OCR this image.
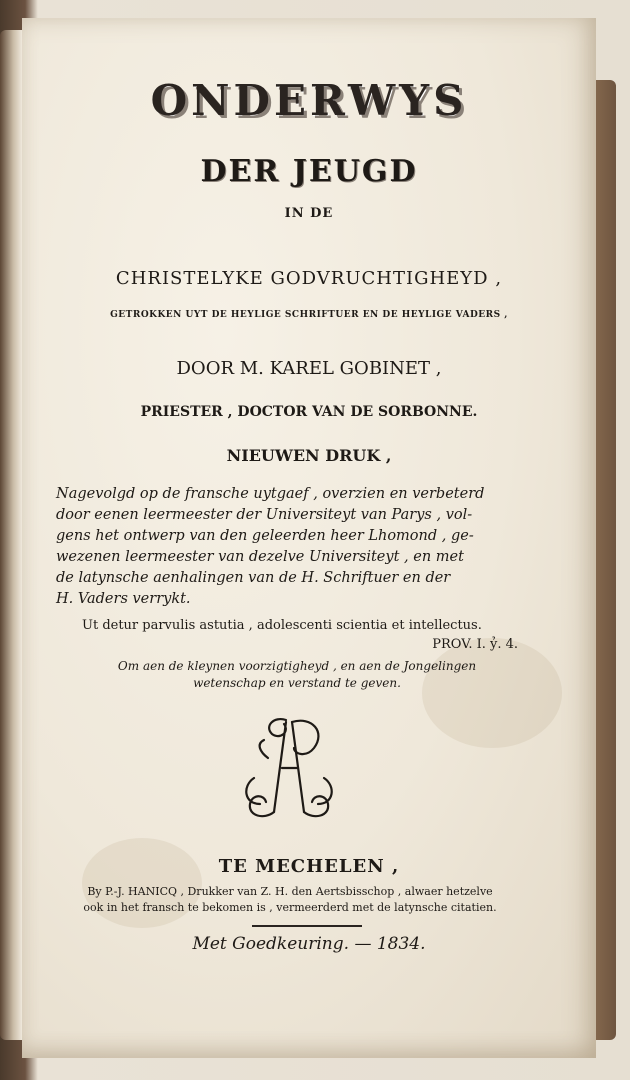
ONDERWYS
DER JEUGD
IN DE
CHRISTELYKE GODVRUCHTIGHEYD ,
GETROKKEN UYT DE HEYLIGE SCHRIFTUER EN DE HEYLIGE VADERS ,
DOOR M. KAREL GOBINET ,
PRIESTER , DOCTOR VAN DE SORBONNE.
NIEUWEN DRUK ,
Nagevolgd op de fransche uytgaef , overzien en verbeterd
door eenen leermeester der Universiteyt van Parys , vol-
gens het ontwerp van den geleerden heer Lhomond , ge-
wezenen leermeester van dezelve Universiteyt , en met
de latynsche aenhalingen van de H. Schriftuer en der
H. Vaders verrykt.
Ut detur parvulis astutia , adolescenti scientia et intellectus.
PROV. I. ỷ. 4.
Om aen de kleynen voorzigtigheyd , en aen de Jongelingen
wetenschap en verstand te geven.
TE MECHELEN ,
By P.-J. HANICQ , Drukker van Z. H. den Aertsbisschop , alwaer hetzelve
ook in het fransch te bekomen is , vermeerderd met de latynsche citatien.
Met Goedkeuring. — 1834.
